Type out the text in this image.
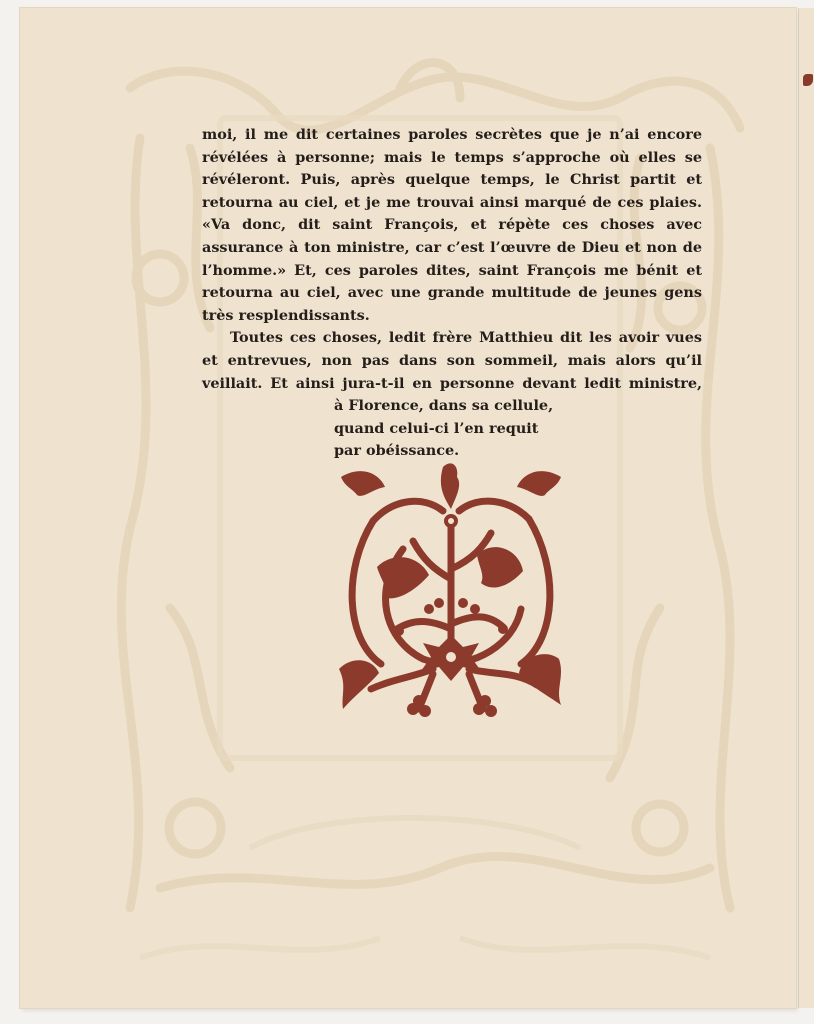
moi, il me dit certaines paroles secrètes que je n’ai encore
révélées à personne; mais le temps s’approche où elles se
révéleront. Puis, après quelque temps, le Christ partit et
retourna au ciel, et je me trouvai ainsi marqué de ces plaies.
«Va donc, dit saint François, et répète ces choses avec
assurance à ton ministre, car c’est l’œuvre de Dieu et non de
l’homme.» Et, ces paroles dites, saint François me bénit et
retourna au ciel, avec une grande multitude de jeunes gens
très resplendissants.
Toutes ces choses, ledit frère Matthieu dit les avoir vues
et entrevues, non pas dans son sommeil, mais alors qu’il
veillait. Et ainsi jura-t-il en personne devant ledit ministre,
à Florence, dans sa cellule,
quand celui-ci l’en requit
par obéissance.
